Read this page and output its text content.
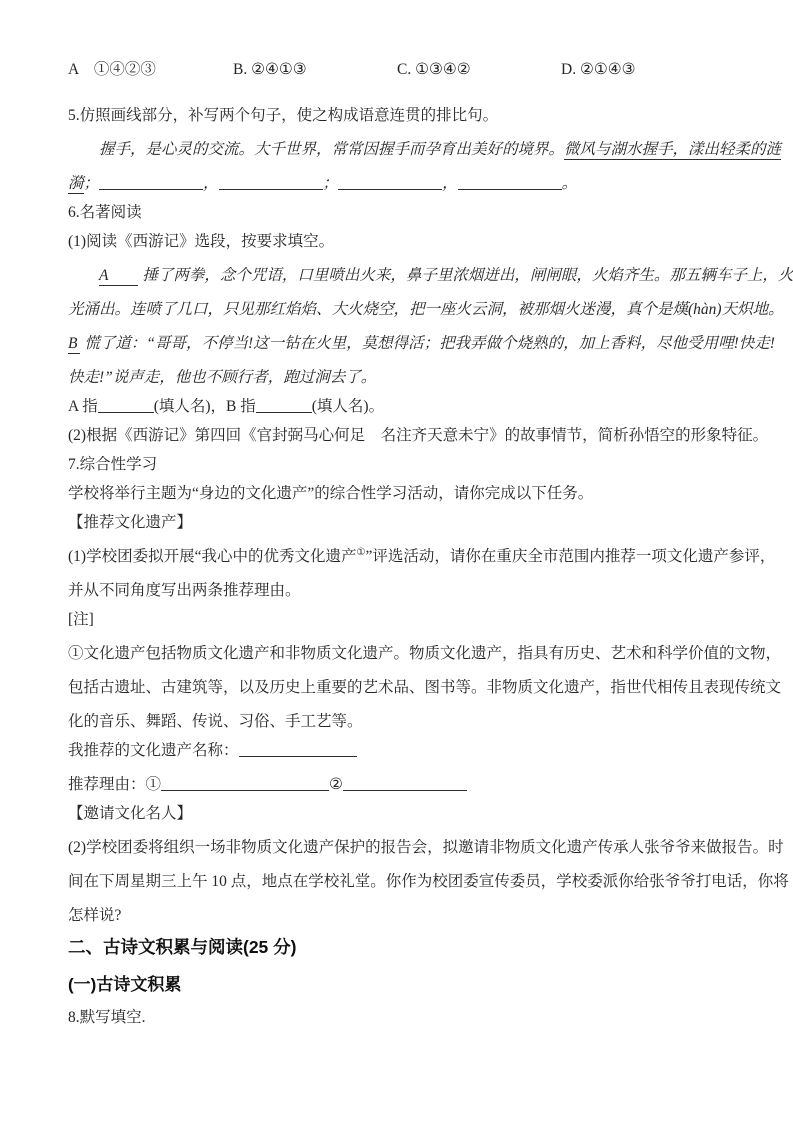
A　①④②③	B. ②④①③	C. ①③④②	D. ②①④③
5.仿照画线部分，补写两个句子，使之构成语意连贯的排比句。
握手，是心灵的交流。大千世界，常常因握手而孕育出美好的境界。微风与湖水握手，漾出轻柔的涟
漪；	，	；	，	。
6.名著阅读
(1)阅读《西游记》选段，按要求填空。
A 捶了两拳，念个咒语，口里喷出火来，鼻子里浓烟迸出，闸闸眼，火焰齐生。那五辆车子上，火
光涌出。连喷了几口，只见那红焰焰、大火烧空，把一座火云洞，被那烟火迷漫，真个是熯(hàn)天炽地。
B 慌了道：“哥哥，不停当!这一钻在火里，莫想得活；把我弄做个烧熟的，加上香料，尽他受用哩!快走!
快走!”说声走，他也不顾行者，跑过涧去了。
A 指	(填人名)，B 指	(填人名)。
(2)根据《西游记》第四回《官封弼马心何足　名注齐天意未宁》的故事情节，简析孙悟空的形象特征。
7.综合性学习
学校将举行主题为“身边的文化遗产”的综合性学习活动，请你完成以下任务。
【推荐文化遗产】
(1)学校团委拟开展“我心中的优秀文化遗产①”评选活动，请你在重庆全市范围内推荐一项文化遗产参评，
并从不同角度写出两条推荐理由。
[注]
①文化遗产包括物质文化遗产和非物质文化遗产。物质文化遗产，指具有历史、艺术和科学价值的文物，
包括古遗址、古建筑等，以及历史上重要的艺术品、图书等。非物质文化遗产，指世代相传且表现传统文
化的音乐、舞蹈、传说、习俗、手工艺等。
我推荐的文化遗产名称：
推荐理由：①	②
【邀请文化名人】
(2)学校团委将组织一场非物质文化遗产保护的报告会，拟邀请非物质文化遗产传承人张爷爷来做报告。时
间在下周星期三上午 10 点，地点在学校礼堂。你作为校团委宣传委员，学校委派你给张爷爷打电话，你将
怎样说?
二、古诗文积累与阅读(25 分)
(一)古诗文积累
8.默写填空.
